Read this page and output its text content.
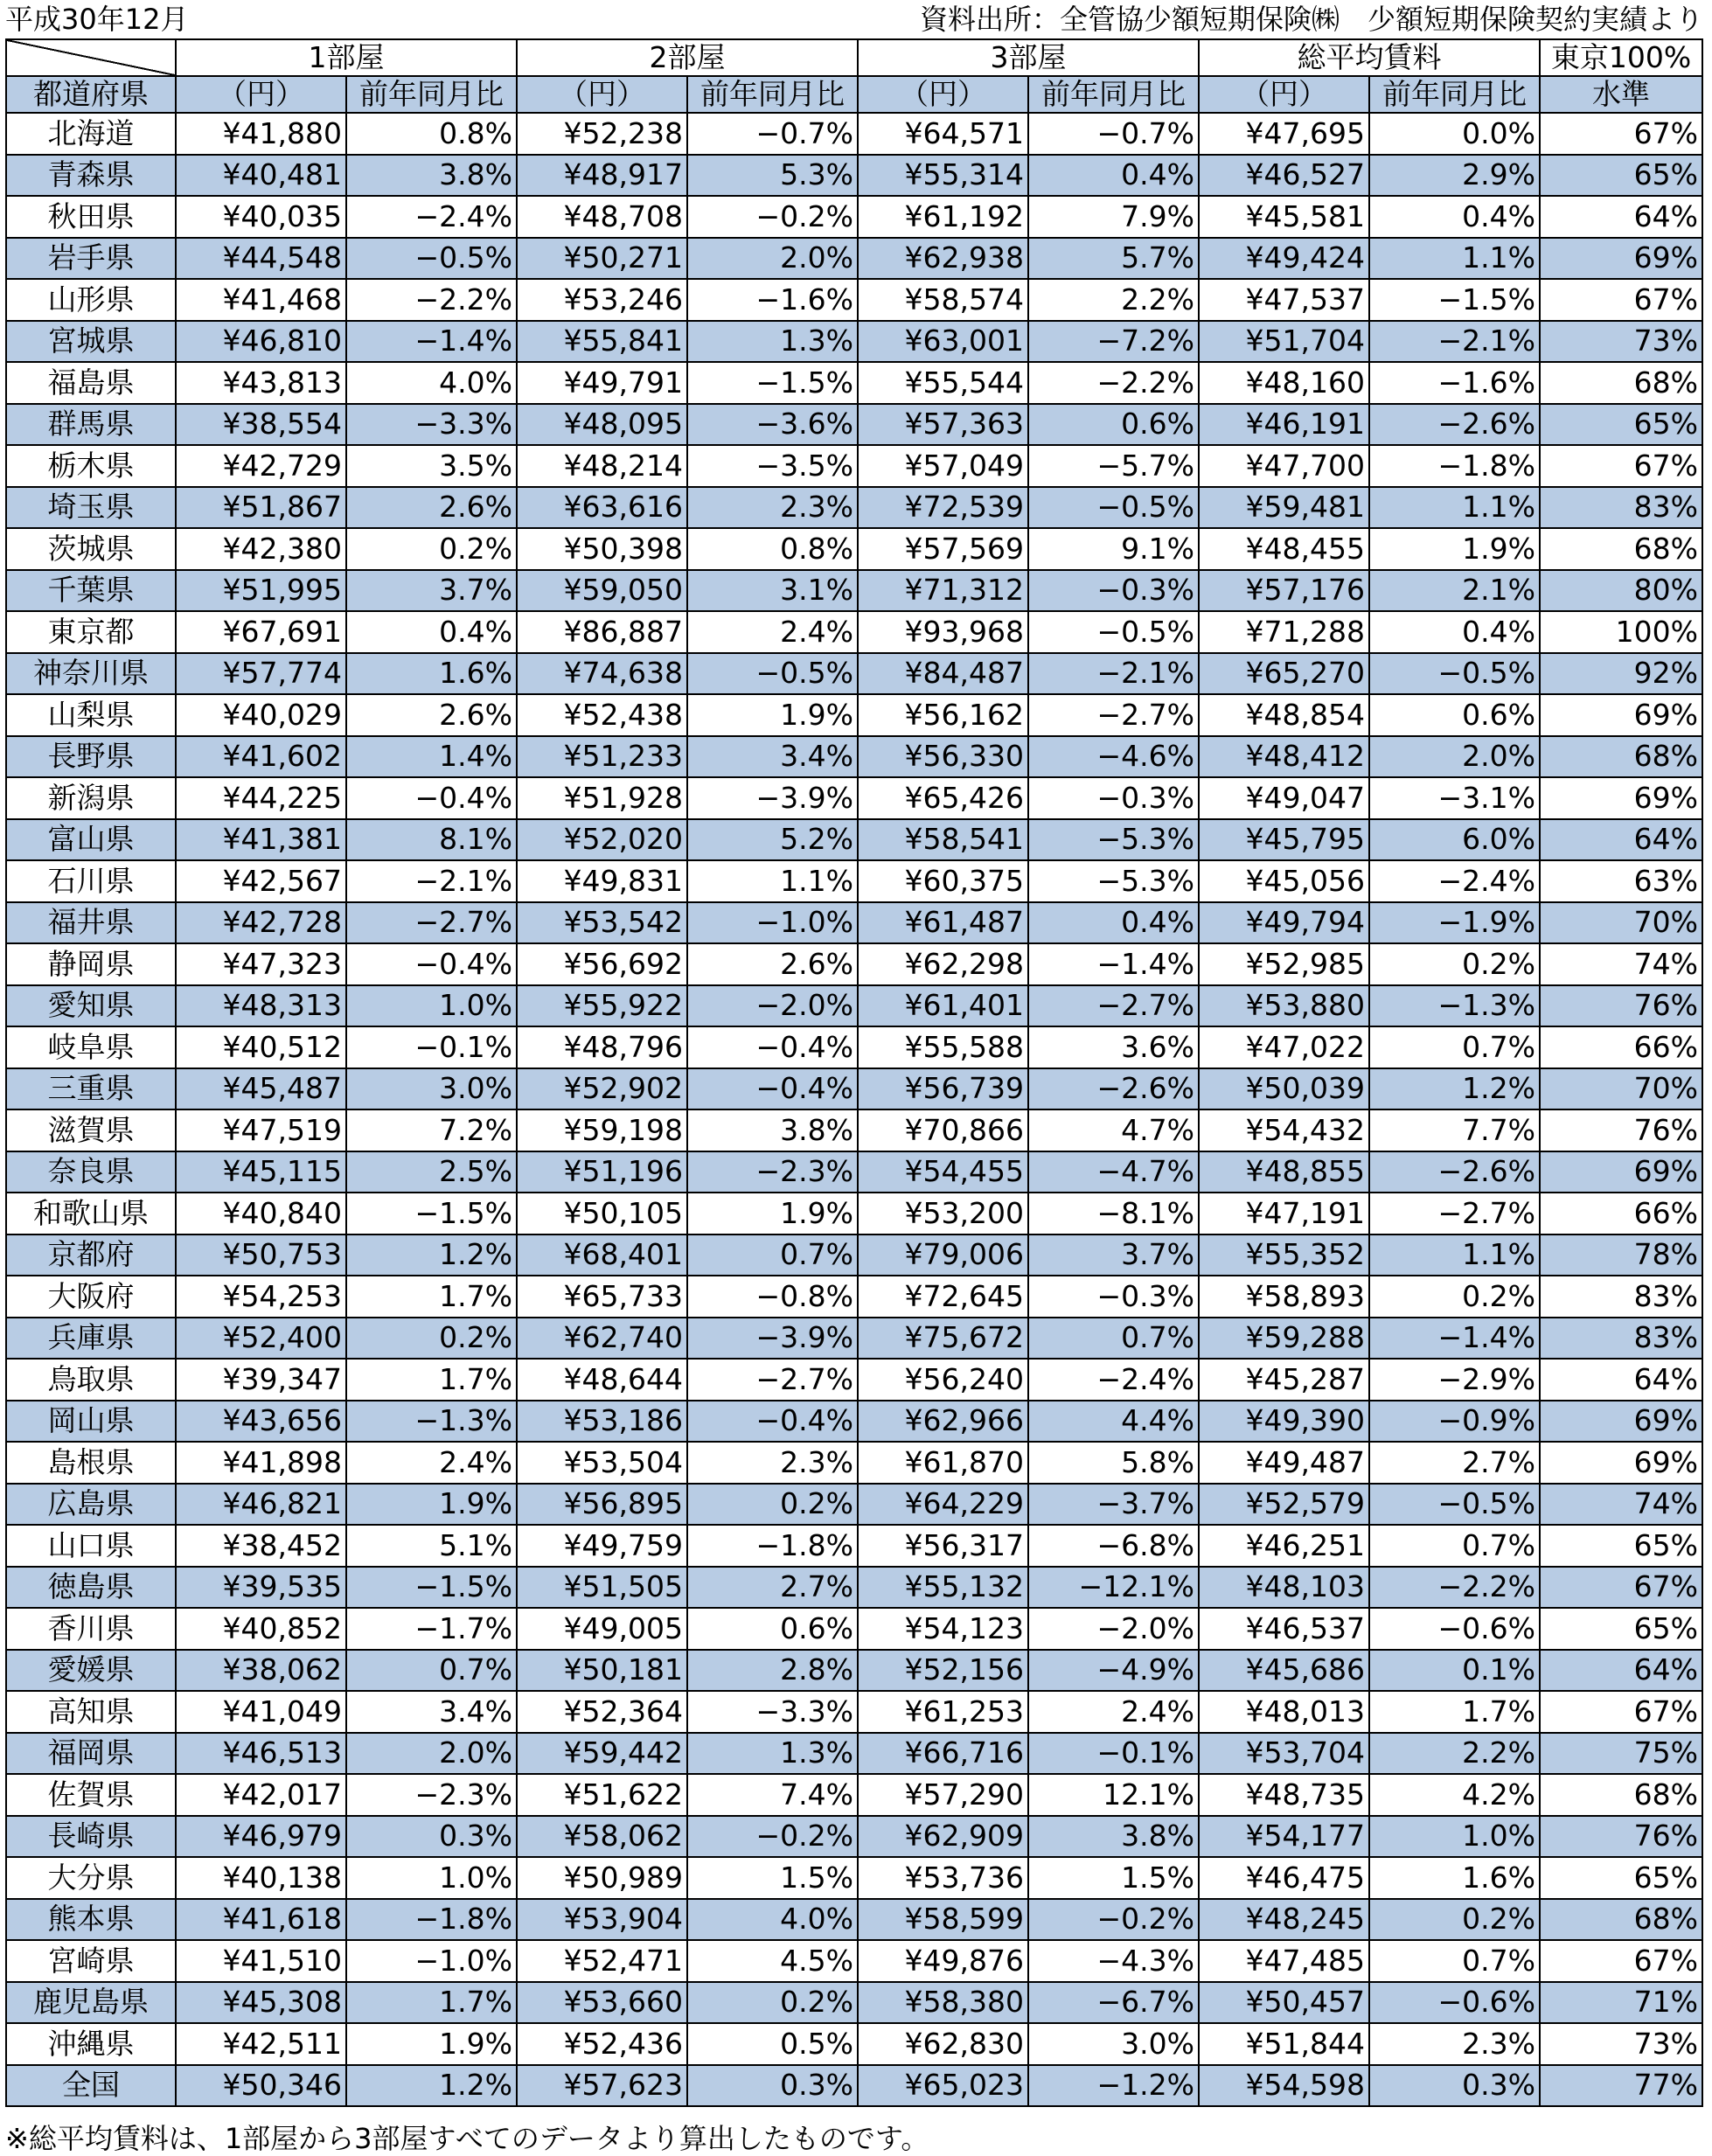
平成30年12月	資料出所：全管協少額短期保険㈱　少額短期保険契約実績より
	1部屋		2部屋		3部屋		総平均賃料		東京100%
都道府県	（円）	前年同月比	（円）	前年同月比	（円）	前年同月比	（円）	前年同月比	水準
北海道	¥41,880	0.8%	¥52,238	−0.7%	¥64,571	−0.7%	¥47,695	0.0%	67%
青森県	¥40,481	3.8%	¥48,917	5.3%	¥55,314	0.4%	¥46,527	2.9%	65%
秋田県	¥40,035	−2.4%	¥48,708	−0.2%	¥61,192	7.9%	¥45,581	0.4%	64%
岩手県	¥44,548	−0.5%	¥50,271	2.0%	¥62,938	5.7%	¥49,424	1.1%	69%
山形県	¥41,468	−2.2%	¥53,246	−1.6%	¥58,574	2.2%	¥47,537	−1.5%	67%
宮城県	¥46,810	−1.4%	¥55,841	1.3%	¥63,001	−7.2%	¥51,704	−2.1%	73%
福島県	¥43,813	4.0%	¥49,791	−1.5%	¥55,544	−2.2%	¥48,160	−1.6%	68%
群馬県	¥38,554	−3.3%	¥48,095	−3.6%	¥57,363	0.6%	¥46,191	−2.6%	65%
栃木県	¥42,729	3.5%	¥48,214	−3.5%	¥57,049	−5.7%	¥47,700	−1.8%	67%
埼玉県	¥51,867	2.6%	¥63,616	2.3%	¥72,539	−0.5%	¥59,481	1.1%	83%
茨城県	¥42,380	0.2%	¥50,398	0.8%	¥57,569	9.1%	¥48,455	1.9%	68%
千葉県	¥51,995	3.7%	¥59,050	3.1%	¥71,312	−0.3%	¥57,176	2.1%	80%
東京都	¥67,691	0.4%	¥86,887	2.4%	¥93,968	−0.5%	¥71,288	0.4%	100%
神奈川県	¥57,774	1.6%	¥74,638	−0.5%	¥84,487	−2.1%	¥65,270	−0.5%	92%
山梨県	¥40,029	2.6%	¥52,438	1.9%	¥56,162	−2.7%	¥48,854	0.6%	69%
長野県	¥41,602	1.4%	¥51,233	3.4%	¥56,330	−4.6%	¥48,412	2.0%	68%
新潟県	¥44,225	−0.4%	¥51,928	−3.9%	¥65,426	−0.3%	¥49,047	−3.1%	69%
富山県	¥41,381	8.1%	¥52,020	5.2%	¥58,541	−5.3%	¥45,795	6.0%	64%
石川県	¥42,567	−2.1%	¥49,831	1.1%	¥60,375	−5.3%	¥45,056	−2.4%	63%
福井県	¥42,728	−2.7%	¥53,542	−1.0%	¥61,487	0.4%	¥49,794	−1.9%	70%
静岡県	¥47,323	−0.4%	¥56,692	2.6%	¥62,298	−1.4%	¥52,985	0.2%	74%
愛知県	¥48,313	1.0%	¥55,922	−2.0%	¥61,401	−2.7%	¥53,880	−1.3%	76%
岐阜県	¥40,512	−0.1%	¥48,796	−0.4%	¥55,588	3.6%	¥47,022	0.7%	66%
三重県	¥45,487	3.0%	¥52,902	−0.4%	¥56,739	−2.6%	¥50,039	1.2%	70%
滋賀県	¥47,519	7.2%	¥59,198	3.8%	¥70,866	4.7%	¥54,432	7.7%	76%
奈良県	¥45,115	2.5%	¥51,196	−2.3%	¥54,455	−4.7%	¥48,855	−2.6%	69%
和歌山県	¥40,840	−1.5%	¥50,105	1.9%	¥53,200	−8.1%	¥47,191	−2.7%	66%
京都府	¥50,753	1.2%	¥68,401	0.7%	¥79,006	3.7%	¥55,352	1.1%	78%
大阪府	¥54,253	1.7%	¥65,733	−0.8%	¥72,645	−0.3%	¥58,893	0.2%	83%
兵庫県	¥52,400	0.2%	¥62,740	−3.9%	¥75,672	0.7%	¥59,288	−1.4%	83%
鳥取県	¥39,347	1.7%	¥48,644	−2.7%	¥56,240	−2.4%	¥45,287	−2.9%	64%
岡山県	¥43,656	−1.3%	¥53,186	−0.4%	¥62,966	4.4%	¥49,390	−0.9%	69%
島根県	¥41,898	2.4%	¥53,504	2.3%	¥61,870	5.8%	¥49,487	2.7%	69%
広島県	¥46,821	1.9%	¥56,895	0.2%	¥64,229	−3.7%	¥52,579	−0.5%	74%
山口県	¥38,452	5.1%	¥49,759	−1.8%	¥56,317	−6.8%	¥46,251	0.7%	65%
徳島県	¥39,535	−1.5%	¥51,505	2.7%	¥55,132	−12.1%	¥48,103	−2.2%	67%
香川県	¥40,852	−1.7%	¥49,005	0.6%	¥54,123	−2.0%	¥46,537	−0.6%	65%
愛媛県	¥38,062	0.7%	¥50,181	2.8%	¥52,156	−4.9%	¥45,686	0.1%	64%
高知県	¥41,049	3.4%	¥52,364	−3.3%	¥61,253	2.4%	¥48,013	1.7%	67%
福岡県	¥46,513	2.0%	¥59,442	1.3%	¥66,716	−0.1%	¥53,704	2.2%	75%
佐賀県	¥42,017	−2.3%	¥51,622	7.4%	¥57,290	12.1%	¥48,735	4.2%	68%
長崎県	¥46,979	0.3%	¥58,062	−0.2%	¥62,909	3.8%	¥54,177	1.0%	76%
大分県	¥40,138	1.0%	¥50,989	1.5%	¥53,736	1.5%	¥46,475	1.6%	65%
熊本県	¥41,618	−1.8%	¥53,904	4.0%	¥58,599	−0.2%	¥48,245	0.2%	68%
宮崎県	¥41,510	−1.0%	¥52,471	4.5%	¥49,876	−4.3%	¥47,485	0.7%	67%
鹿児島県	¥45,308	1.7%	¥53,660	0.2%	¥58,380	−6.7%	¥50,457	−0.6%	71%
沖縄県	¥42,511	1.9%	¥52,436	0.5%	¥62,830	3.0%	¥51,844	2.3%	73%
全国	¥50,346	1.2%	¥57,623	0.3%	¥65,023	−1.2%	¥54,598	0.3%	77%
※総平均賃料は、1部屋から3部屋すべてのデータより算出したものです。
